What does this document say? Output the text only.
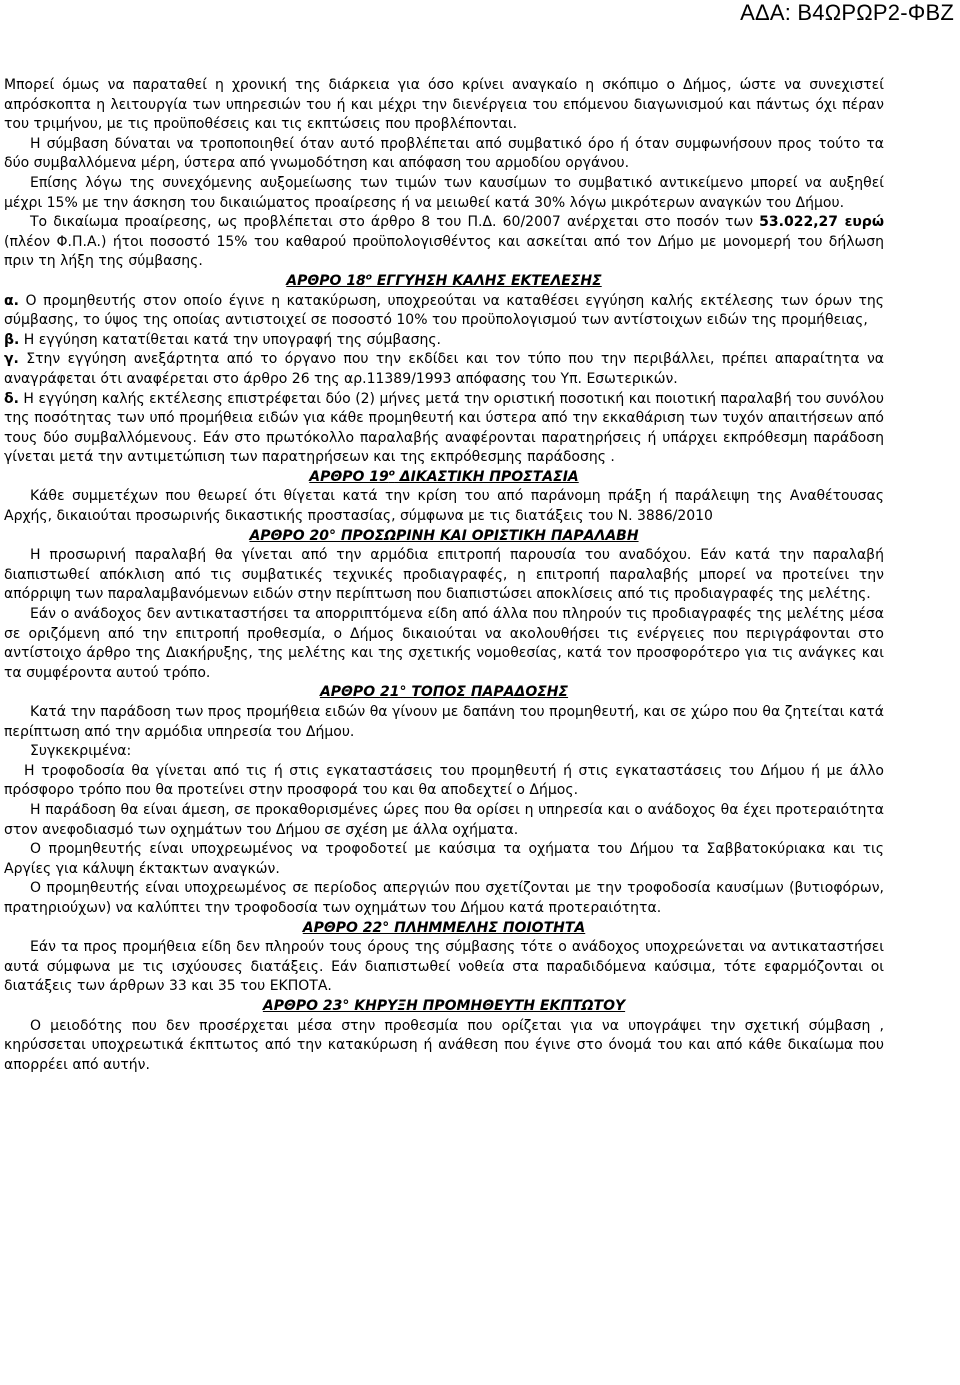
ΑΔΑ: Β4ΩΡΩΡ2-ΦΒΖ

Μπορεί όμως να παραταθεί η χρονική της διάρκεια για όσο κρίνει αναγκαίο η σκόπιμο ο Δήμος, ώστε να συνεχιστεί απρόσκοπτα η λειτουργία των υπηρεσιών του ή και μέχρι την διενέργεια του επόμενου διαγωνισμού και πάντως όχι πέραν του τριμήνου, με τις προϋποθέσεις και τις εκπτώσεις που προβλέπονται.

Η σύμβαση δύναται να τροποποιηθεί όταν αυτό προβλέπεται από συμβατικό όρο ή όταν συμφωνήσουν προς τούτο τα δύο συμβαλλόμενα μέρη, ύστερα από γνωμοδότηση και απόφαση του αρμοδίου οργάνου.

Επίσης λόγω της συνεχόμενης αυξομείωσης των τιμών των καυσίμων το συμβατικό αντικείμενο μπορεί να αυξηθεί μέχρι 15% με την άσκηση του δικαιώματος προαίρεσης ή να μειωθεί κατά 30% λόγω μικρότερων αναγκών του Δήμου.

Το δικαίωμα προαίρεσης, ως προβλέπεται στο άρθρο 8 του Π.Δ. 60/2007 ανέρχεται στο ποσόν των 53.022,27 ευρώ (πλέον Φ.Π.Α.) ήτοι ποσοστό 15% του καθαρού προϋπολογισθέντος και ασκείται από τον Δήμο με μονομερή του δήλωση πριν τη λήξη της σύμβασης.

ΑΡΘΡΟ $18^o$ ΕΓΓΥΗΣΗ ΚΑΛΗΣ ΕΚΤΕΛΕΣΗΣ

α. Ο προμηθευτής στον οποίο έγινε η κατακύρωση, υποχρεούται να καταθέσει εγγύηση καλής εκτέλεσης των όρων της σύμβασης, το ύψος της οποίας αντιστοιχεί σε ποσοστό 10% του προϋπολογισμού των αντίστοιχων ειδών της προμήθειας,

β. Η εγγύηση κατατίθεται κατά την υπογραφή της σύμβασης.

γ. Στην εγγύηση ανεξάρτητα από το όργανο που την εκδίδει και τον τύπο που την περιβάλλει, πρέπει απαραίτητα να αναγράφεται ότι αναφέρεται στο άρθρο 26 της αρ.11389/1993 απόφασης του Υπ. Εσωτερικών.

δ. Η εγγύηση καλής εκτέλεσης επιστρέφεται δύο (2) μήνες μετά την οριστική ποσοτική και ποιοτική παραλαβή του συνόλου της ποσότητας των υπό προμήθεια ειδών για κάθε προμηθευτή και ύστερα από την εκκαθάριση των τυχόν απαιτήσεων από τους δύο συμβαλλόμενους. Εάν στο πρωτόκολλο παραλαβής αναφέρονται παρατηρήσεις ή υπάρχει εκπρόθεσμη παράδοση γίνεται μετά την αντιμετώπιση των παρατηρήσεων και της εκπρόθεσμης παράδοσης .

ΑΡΘΡΟ $19^o$ ΔΙΚΑΣΤΙΚΗ ΠΡΟΣΤΑΣΙΑ

Κάθε συμμετέχων που θεωρεί ότι θίγεται κατά την κρίση του από παράνομη πράξη ή παράλειψη της Αναθέτουσας Αρχής, δικαιούται προσωρινής δικαστικής προστασίας, σύμφωνα με τις διατάξεις του Ν. 3886/2010

ΑΡΘΡΟ 20° ΠΡΟΣΩΡΙΝΗ ΚΑΙ ΟΡΙΣΤΙΚΗ ΠΑΡΑΛΑΒΗ

Η προσωρινή παραλαβή θα γίνεται από την αρμόδια επιτροπή παρουσία του αναδόχου. Εάν κατά την παραλαβή διαπιστωθεί απόκλιση από τις συμβατικές τεχνικές προδιαγραφές, η επιτροπή παραλαβής μπορεί να προτείνει την απόρριψη των παραλαμβανόμενων ειδών στην περίπτωση που διαπιστώσει αποκλίσεις από τις προδιαγραφές της μελέτης.

Εάν ο ανάδοχος δεν αντικαταστήσει τα απορριπτόμενα είδη από άλλα που πληρούν τις προδιαγραφές της μελέτης μέσα σε οριζόμενη από την επιτροπή προθεσμία, ο Δήμος δικαιούται να ακολουθήσει τις ενέργειες που περιγράφονται στο αντίστοιχο άρθρο της Διακήρυξης, της μελέτης και της σχετικής νομοθεσίας, κατά τον προσφορότερο για τις ανάγκες και τα συμφέροντα αυτού τρόπο.

ΑΡΘΡΟ 21° ΤΟΠΟΣ ΠΑΡΑΔΟΣΗΣ

Κατά την παράδοση των προς προμήθεια ειδών θα γίνουν με δαπάνη του προμηθευτή, και σε χώρο που θα ζητείται κατά περίπτωση από την αρμόδια υπηρεσία του Δήμου.

Συγκεκριμένα:

Η τροφοδοσία θα γίνεται από τις ή στις εγκαταστάσεις του προμηθευτή ή στις εγκαταστάσεις του Δήμου ή με άλλο πρόσφορο τρόπο που θα προτείνει στην προσφορά του και θα αποδεχτεί ο Δήμος.

Η παράδοση θα είναι άμεση, σε προκαθορισμένες ώρες που θα ορίσει η υπηρεσία και ο ανάδοχος θα έχει προτεραιότητα στον ανεφοδιασμό των οχημάτων του Δήμου σε σχέση με άλλα οχήματα.

Ο προμηθευτής είναι υποχρεωμένος να τροφοδοτεί με καύσιμα τα οχήματα του Δήμου τα Σαββατοκύριακα και τις Αργίες για κάλυψη έκτακτων αναγκών.

Ο προμηθευτής είναι υποχρεωμένος σε περίοδος απεργιών που σχετίζονται με την τροφοδοσία καυσίμων (βυτιοφόρων, πρατηριούχων) να καλύπτει την τροφοδοσία των οχημάτων του Δήμου κατά προτεραιότητα.

ΑΡΘΡΟ 22° ΠΛΗΜΜΕΛΗΣ ΠΟΙΟΤΗΤΑ

Εάν τα προς προμήθεια είδη δεν πληρούν τους όρους της σύμβασης τότε ο ανάδοχος υποχρεώνεται να αντικαταστήσει αυτά σύμφωνα με τις ισχύουσες διατάξεις. Εάν διαπιστωθεί νοθεία στα παραδιδόμενα καύσιμα, τότε εφαρμόζονται οι διατάξεις των άρθρων 33 και 35 του ΕΚΠΟΤΑ.

ΑΡΘΡΟ 23° ΚΗΡΥΞΗ ΠΡΟΜΗΘΕΥΤΗ ΕΚΠΤΩΤΟΥ

Ο μειοδότης που δεν προσέρχεται μέσα στην προθεσμία που ορίζεται για να υπογράψει την σχετική σύμβαση , κηρύσσεται υποχρεωτικά έκπτωτος από την κατακύρωση ή ανάθεση που έγινε στο όνομά του και από κάθε δικαίωμα που απορρέει από αυτήν.
